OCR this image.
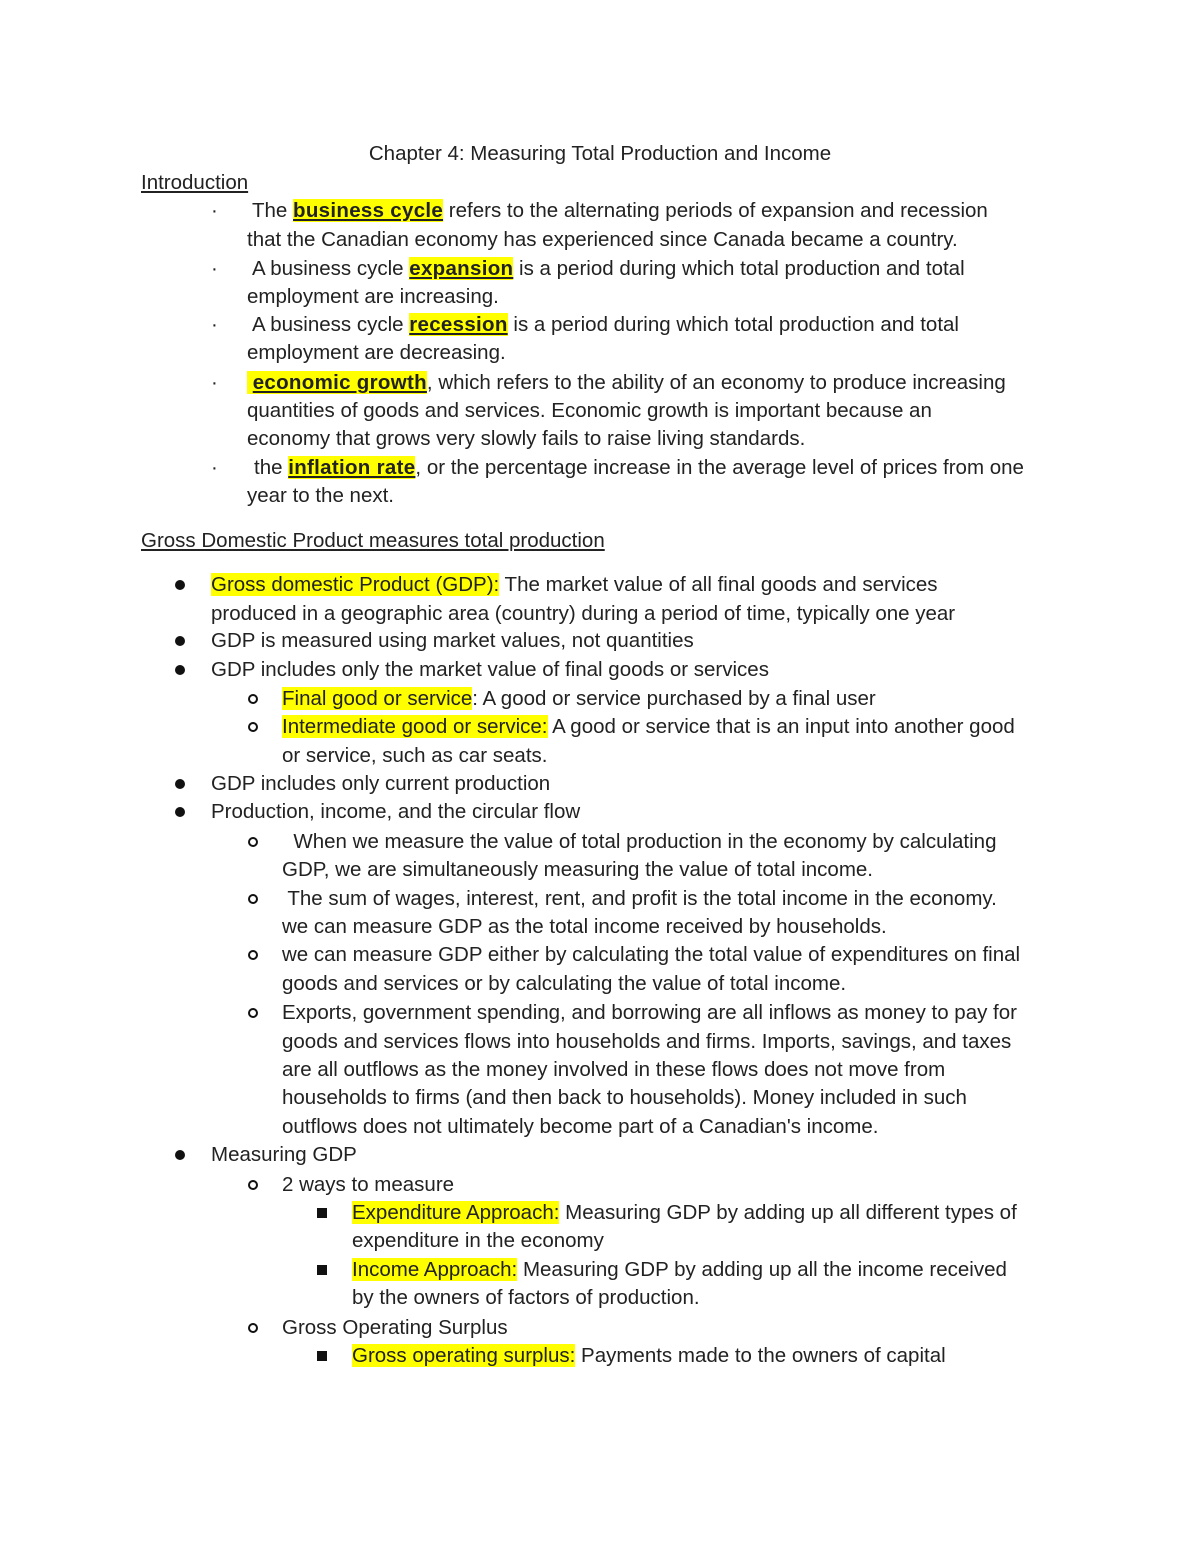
Chapter 4: Measuring Total Production and Income
Introduction
· The business cycle refers to the alternating periods of expansion and recession
that the Canadian economy has experienced since Canada became a country.
· A business cycle expansion is a period during which total production and total
employment are increasing.
· A business cycle recession is a period during which total production and total
employment are decreasing.
· economic growth, which refers to the ability of an economy to produce increasing
quantities of goods and services. Economic growth is important because an
economy that grows very slowly fails to raise living standards.
· the inflation rate, or the percentage increase in the average level of prices from one
year to the next.
Gross Domestic Product measures total production
Gross domestic Product (GDP): The market value of all final goods and services
produced in a geographic area (country) during a period of time, typically one year
GDP is measured using market values, not quantities
GDP includes only the market value of final goods or services
Final good or service: A good or service purchased by a final user
Intermediate good or service: A good or service that is an input into another good
or service, such as car seats.
GDP includes only current production
Production, income, and the circular flow
When we measure the value of total production in the economy by calculating
GDP, we are simultaneously measuring the value of total income.
The sum of wages, interest, rent, and profit is the total income in the economy.
we can measure GDP as the total income received by households.
we can measure GDP either by calculating the total value of expenditures on final
goods and services or by calculating the value of total income.
Exports, government spending, and borrowing are all inflows as money to pay for
goods and services flows into households and firms. Imports, savings, and taxes
are all outflows as the money involved in these flows does not move from
households to firms (and then back to households). Money included in such
outflows does not ultimately become part of a Canadian's income.
Measuring GDP
2 ways to measure
Expenditure Approach: Measuring GDP by adding up all different types of
expenditure in the economy
Income Approach: Measuring GDP by adding up all the income received
by the owners of factors of production.
Gross Operating Surplus
Gross operating surplus: Payments made to the owners of capital
